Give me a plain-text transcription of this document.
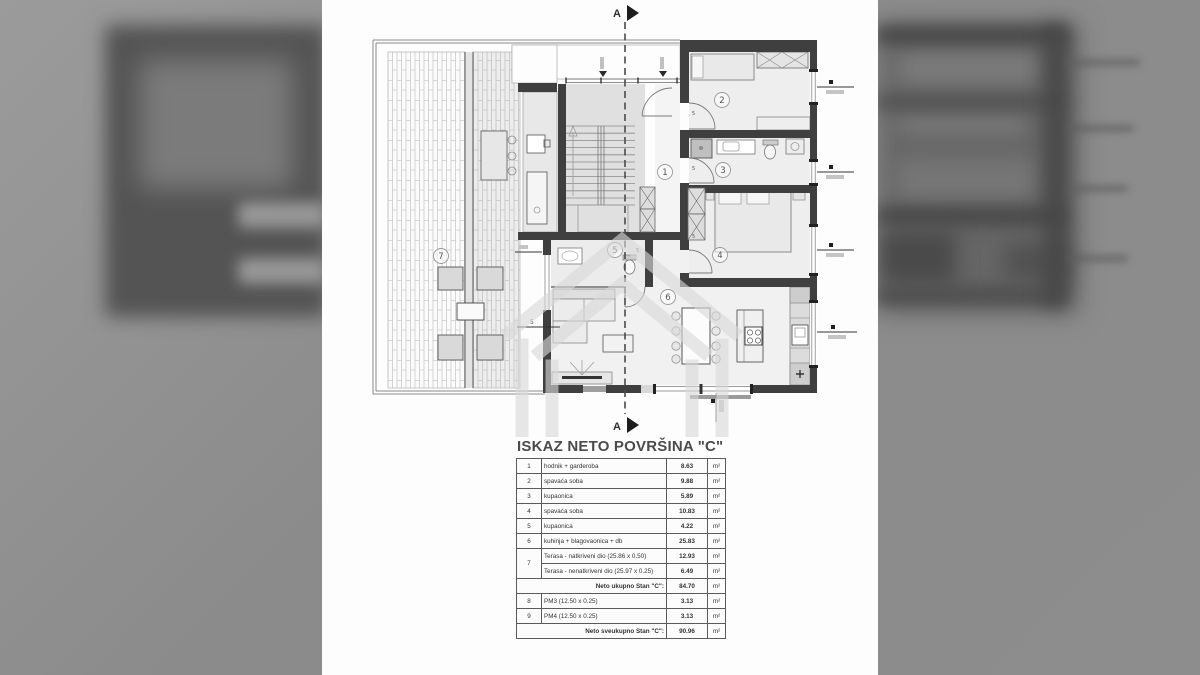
5
5
5
5
5
A
A
1
2
3
4
5
6
7
ISKAZ NETO POVRŠINA "C"
1	hodnik + garderoba	8.63	m²
2	spavaća soba	9.88	m²
3	kupaonica	5.89	m²
4	spavaća soba	10.83	m²
5	kupaonica	4.22	m²
6	kuhinja + blagovaonica + db	25.83	m²
7	Terasa - natkriveni dio (25.86 x 0.50)	12.93	m²
	Terasa - nenatkriveni dio (25.97 x 0.25)	6.49	m²
Neto ukupno Stan "C":		84.70	m²
8	PM3 (12.50 x 0.25)	3.13	m²
9	PM4 (12.50 x 0.25)	3.13	m²
Neto sveukupno Stan "C":		90.96	m²
